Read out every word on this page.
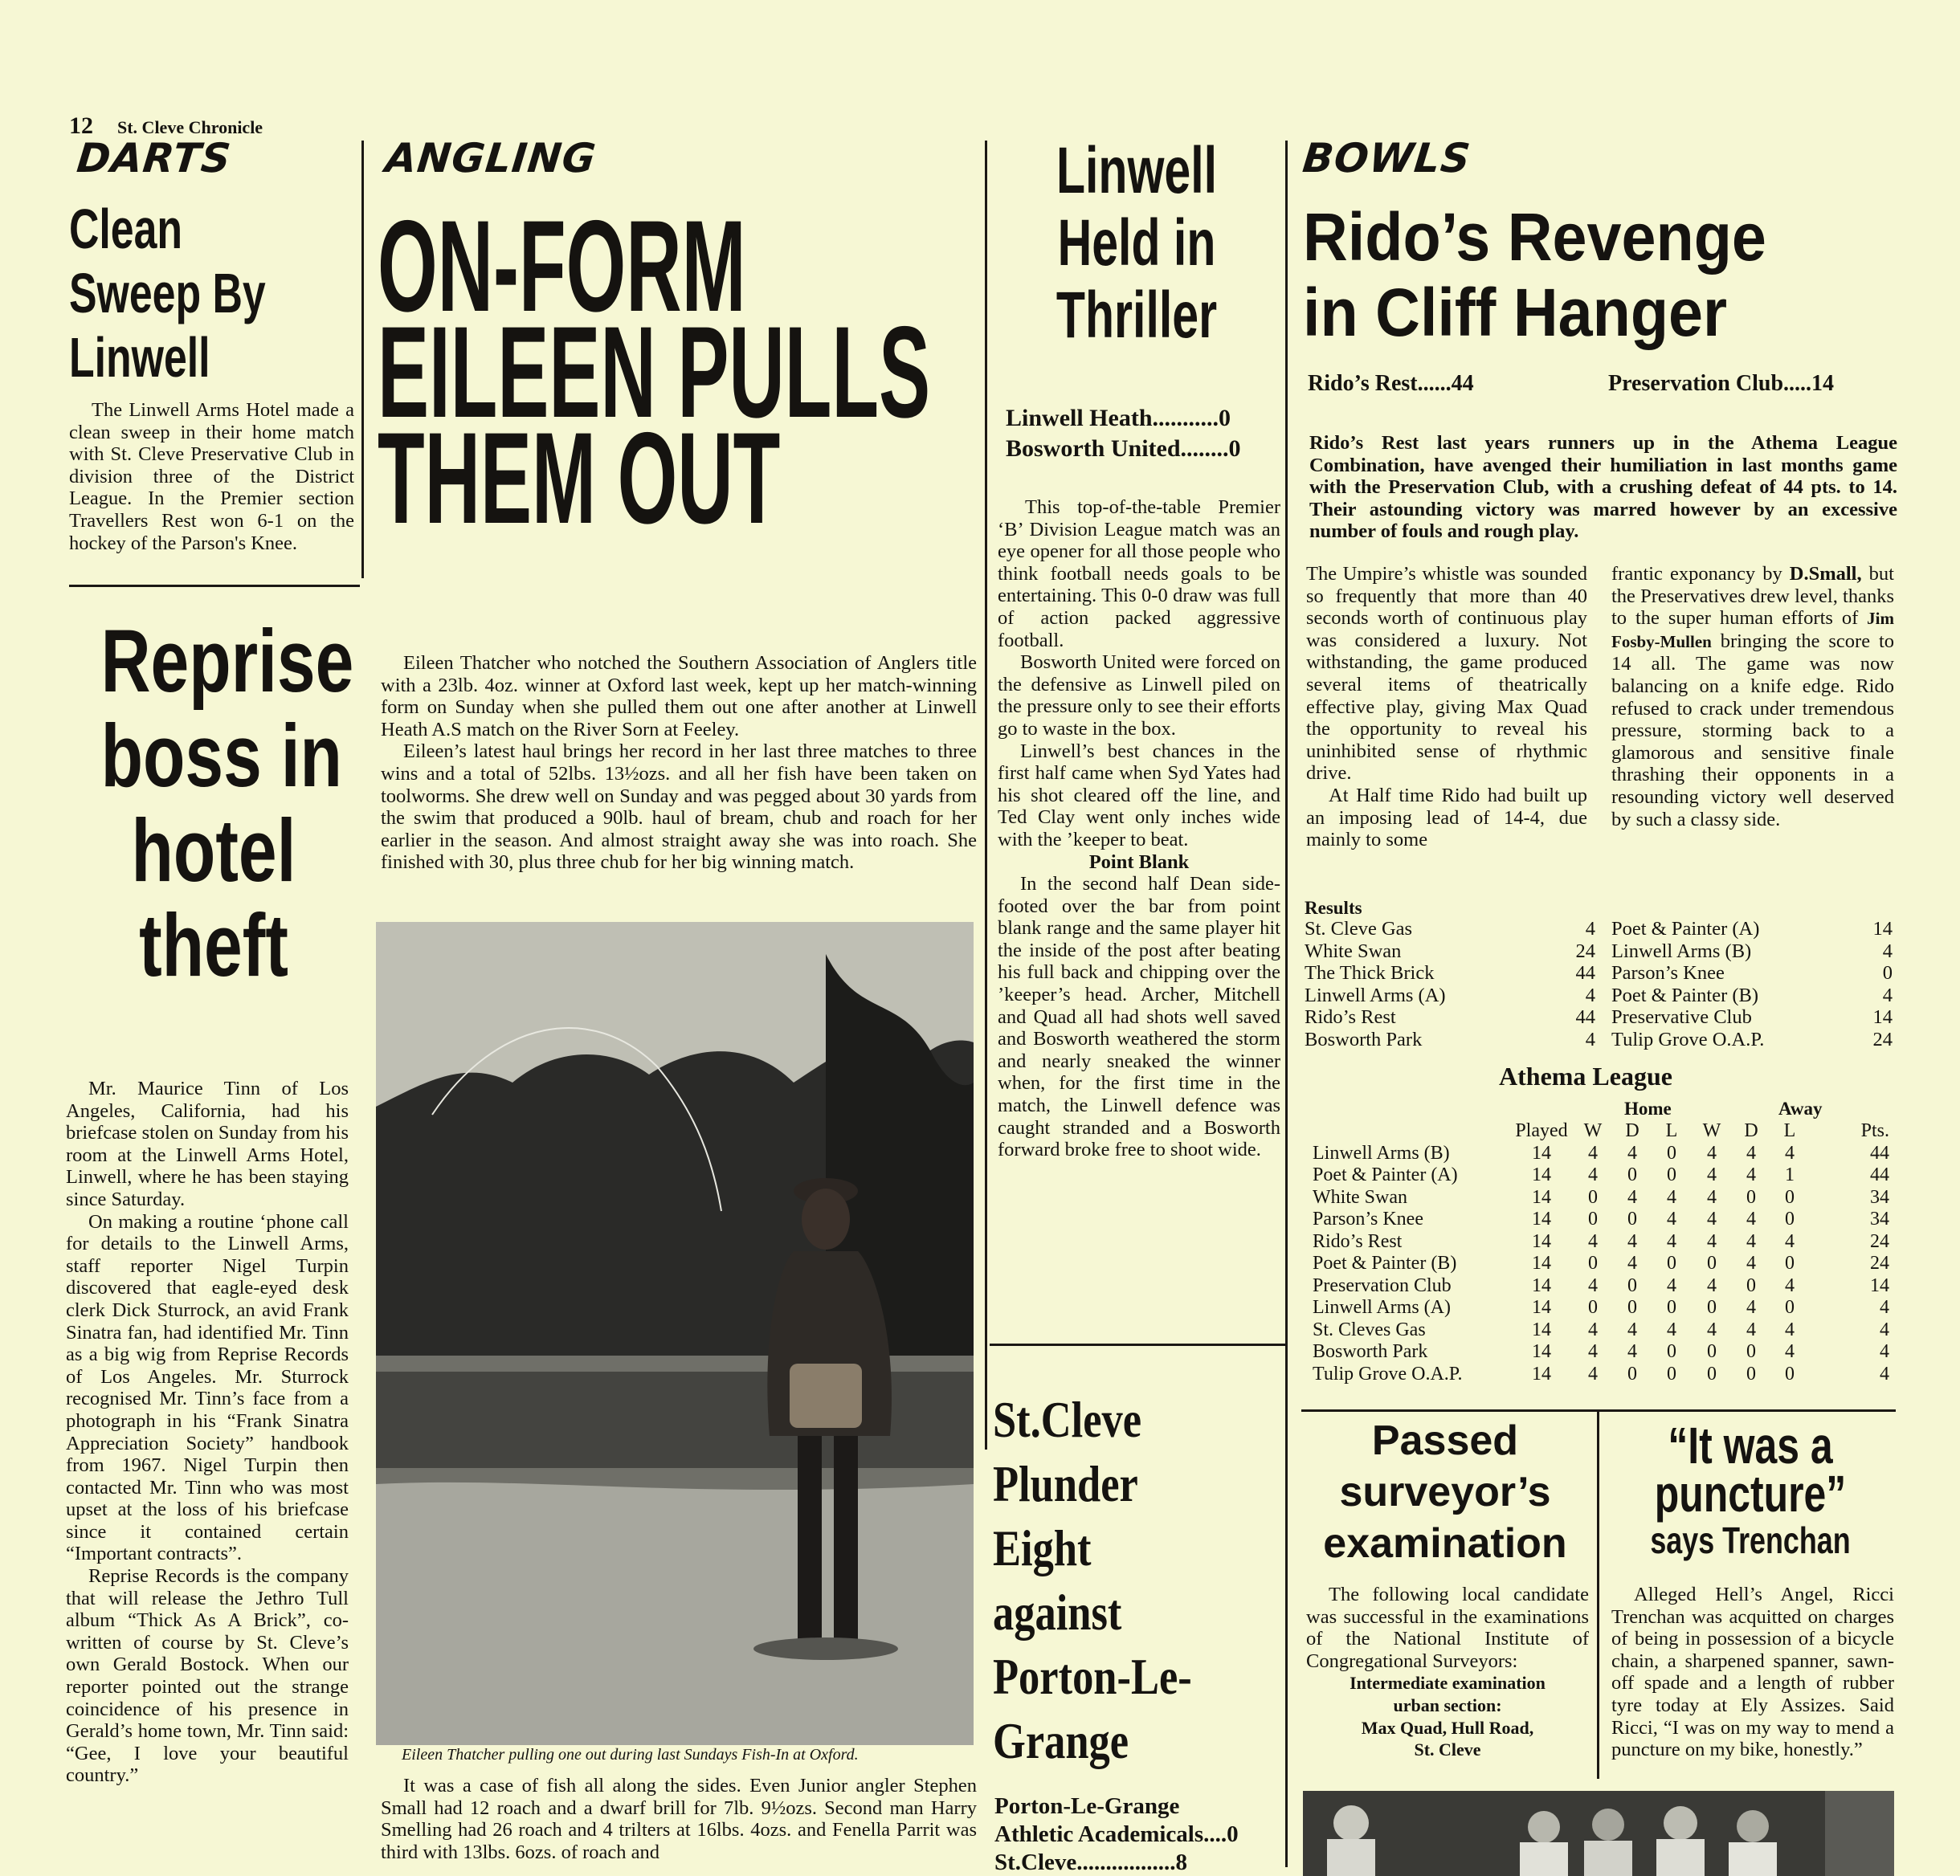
12 St. Cleve Chronicle
DARTS
Clean
Sweep By
Linwell

The Linwell Arms Hotel made a clean sweep in their home match with St. Cleve Preservative Club in division three of the District League. In the Premier section Travellers Rest won 6-1 on the hockey of the Parson's Knee.

Reprise
boss in
hotel
theft

Mr. Maurice Tinn of Los Angeles, California, had his briefcase stolen on Sunday from his room at the Linwell Arms Hotel, Linwell, where he has been staying since Saturday.

On making a routine ‘phone call for details to the Linwell Arms, staff reporter Nigel Turpin discovered that eagle-eyed desk clerk Dick Sturrock, an avid Frank Sinatra fan, had identified Mr. Tinn as a big wig from Reprise Records of Los Angeles. Mr. Sturrock recognised Mr. Tinn’s face from a photograph in his “Frank Sinatra Appreciation Society” handbook from 1967. Nigel Turpin then contacted Mr. Tinn who was most upset at the loss of his briefcase since it contained certain “Important contracts”.

Reprise Records is the company that will release the Jethro Tull album “Thick As A Brick”, co-written of course by St. Cleve’s own Gerald Bostock. When our reporter pointed out the strange coincidence of his presence in Gerald’s home town, Mr. Tinn said: “Gee, I love your beautiful country.”

ANGLING
ON-FORM
EILEEN PULLS
THEM OUT

Eileen Thatcher who notched the Southern Association of Anglers title with a 23lb. 4oz. winner at Oxford last week, kept up her match-winning form on Sunday when she pulled them out one after another at Linwell Heath A.S match on the River Sorn at Feeley.

Eileen’s latest haul brings her record in her last three matches to three wins and a total of 52lbs. 13½ozs. and all her fish have been taken on toolworms. She drew well on Sunday and was pegged about 30 yards from the swim that produced a 90lb. haul of bream, chub and roach for her earlier in the season. And almost straight away she was into roach. She finished with 30, plus three chub for her big winning match.

Eileen Thatcher pulling one out during last Sundays Fish-In at Oxford.

It was a case of fish all along the sides. Even Junior angler Stephen Small had 12 roach and a dwarf brill for 7lb. 9½ozs. Second man Harry Smelling had 26 roach and 4 trilters at 16lbs. 4ozs. and Fenella Parrit was third with 13lbs. 6ozs. of roach and

Linwell
Held in
Thriller
Linwell Heath...........0
Bosworth United........0

This top-of-the-table Premier ‘B’ Division League match was an eye opener for all those people who think football needs goals to be entertaining. This 0-0 draw was full of action packed aggressive football.

Bosworth United were forced on the defensive as Linwell piled on the pressure only to see their efforts go to waste in the box.

Linwell’s best chances in the first half came when Syd Yates had his shot cleared off the line, and Ted Clay went only inches wide with the ’keeper to beat.

Point Blank

In the second half Dean side-footed over the bar from point blank range and the same player hit the inside of the post after beating his full back and chipping over the ’keeper’s head. Archer, Mitchell and Quad all had shots well saved and Bosworth weathered the storm and nearly sneaked the winner when, for the first time in the match, the Linwell defence was caught stranded and a Bosworth forward broke free to shoot wide.

St.Cleve
Plunder
Eight
against
Porton-Le-
Grange
Porton-Le-Grange
Athletic Academicals....0
St.Cleve.................8
BOWLS
Rido’s Revenge
in Cliff Hanger
Rido’s Rest......44	Preservation Club.....14
Rido’s Rest last years runners up in the Athema League Combination, have avenged their humiliation in last months game with the Preservation Club, with a crushing defeat of 44 pts. to 14. Their astounding victory was marred however by an excessive number of fouls and rough play.

The Umpire’s whistle was sounded so frequently that more than 40 seconds worth of continuous play was considered a luxury. Not withstanding, the game produced several items of theatrically effective play, giving Max Quad the opportunity to reveal his uninhibited sense of rhythmic drive.

At Half time Rido had built up an imposing lead of 14-4, due mainly to some

frantic exponancy by D.Small, but the Preservatives drew level, thanks to the super human efforts of Jim Fosby-Mullen bringing the score to 14 all. The game was now balancing on a knife edge. Rido refused to crack under tremendous pressure, storming back to a glamorous and sensitive finale thrashing their opponents in a resounding victory well deserved by such a classy side.

Results
St. Cleve Gas	4 Poet & Painter (A)	14
White Swan	24 Linwell Arms (B)	4
The Thick Brick	44 Parson’s Knee	0
Linwell Arms (A)	4 Poet & Painter (B)	4
Rido’s Rest	44 Preservative Club	14
Bosworth Park	4 Tulip Grove O.A.P.	24
Athema League
Home	Away
	Played	W	D	L	W	D	L	Pts.
Linwell Arms (B)	14	4	4	0	4	4	4	44
Poet & Painter (A)	14	4	0	0	4	4	1	44
White Swan	14	0	4	4	4	0	0	34
Parson’s Knee	14	0	0	4	4	4	0	34
Rido’s Rest	14	4	4	4	4	4	4	24
Poet & Painter (B)	14	0	4	0	0	4	0	24
Preservation Club	14	4	0	4	4	0	4	14
Linwell Arms (A)	14	0	0	0	0	4	0	4
St. Cleves Gas	14	4	4	4	4	4	4	4
Bosworth Park	14	4	4	0	0	0	4	4
Tulip Grove O.A.P.	14	4	0	0	0	0	0	4
Passed
surveyor’s
examination

The following local candidate was successful in the examinations of the National Institute of Congregational Surveyors:

Intermediate examination
urban section:
Max Quad, Hull Road,
St. Cleve
“It was a
puncture”
says Trenchan

Alleged Hell’s Angel, Ricci Trenchan was acquitted on charges of being in possession of a bicycle chain, a sharpened spanner, sawn-off spade and a length of rubber tyre today at Ely Assizes. Said Ricci, “I was on my way to mend a puncture on my bike, honestly.”
